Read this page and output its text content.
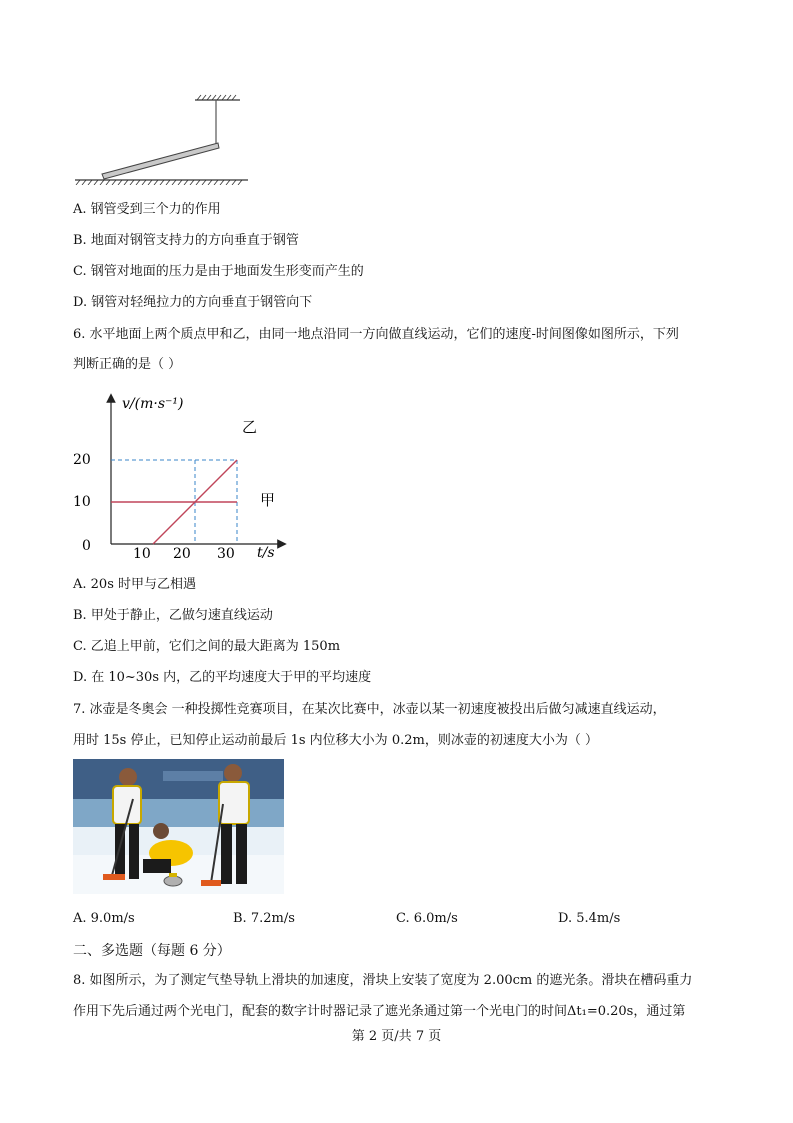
A. 钢管受到三个力的作用
B. 地面对钢管支持力的方向垂直于钢管
C. 钢管对地面的压力是由于地面发生形变而产生的
D. 钢管对轻绳拉力的方向垂直于钢管向下
6. 水平地面上两个质点甲和乙，由同一地点沿同一方向做直线运动，它们的速度-时间图像如图所示，下列
判断正确的是（ ）
v/(m·s⁻¹)
t/s
0	10 20 30
10
20
甲
乙
A. 20s 时甲与乙相遇
B. 甲处于静止，乙做匀速直线运动
C. 乙追上甲前，它们之间的最大距离为 150m
D. 在 10~30s 内，乙的平均速度大于甲的平均速度
7. 冰壶是冬奥会 一种投掷性竞赛项目，在某次比赛中，冰壶以某一初速度被投出后做匀减速直线运动，
用时 15s 停止，已知停止运动前最后 1s 内位移大小为 0.2m，则冰壶的初速度大小为（ ）
A. 9.0m/s	B. 7.2m/s	C. 6.0m/s	D. 5.4m/s
二、多选题（每题 6 分）
8. 如图所示，为了测定气垫导轨上滑块的加速度，滑块上安装了宽度为 2.00cm 的遮光条。滑块在槽码重力
作用下先后通过两个光电门，配套的数字计时器记录了遮光条通过第一个光电门的时间Δt₁=0.20s，通过第
第 2 页/共 7 页
